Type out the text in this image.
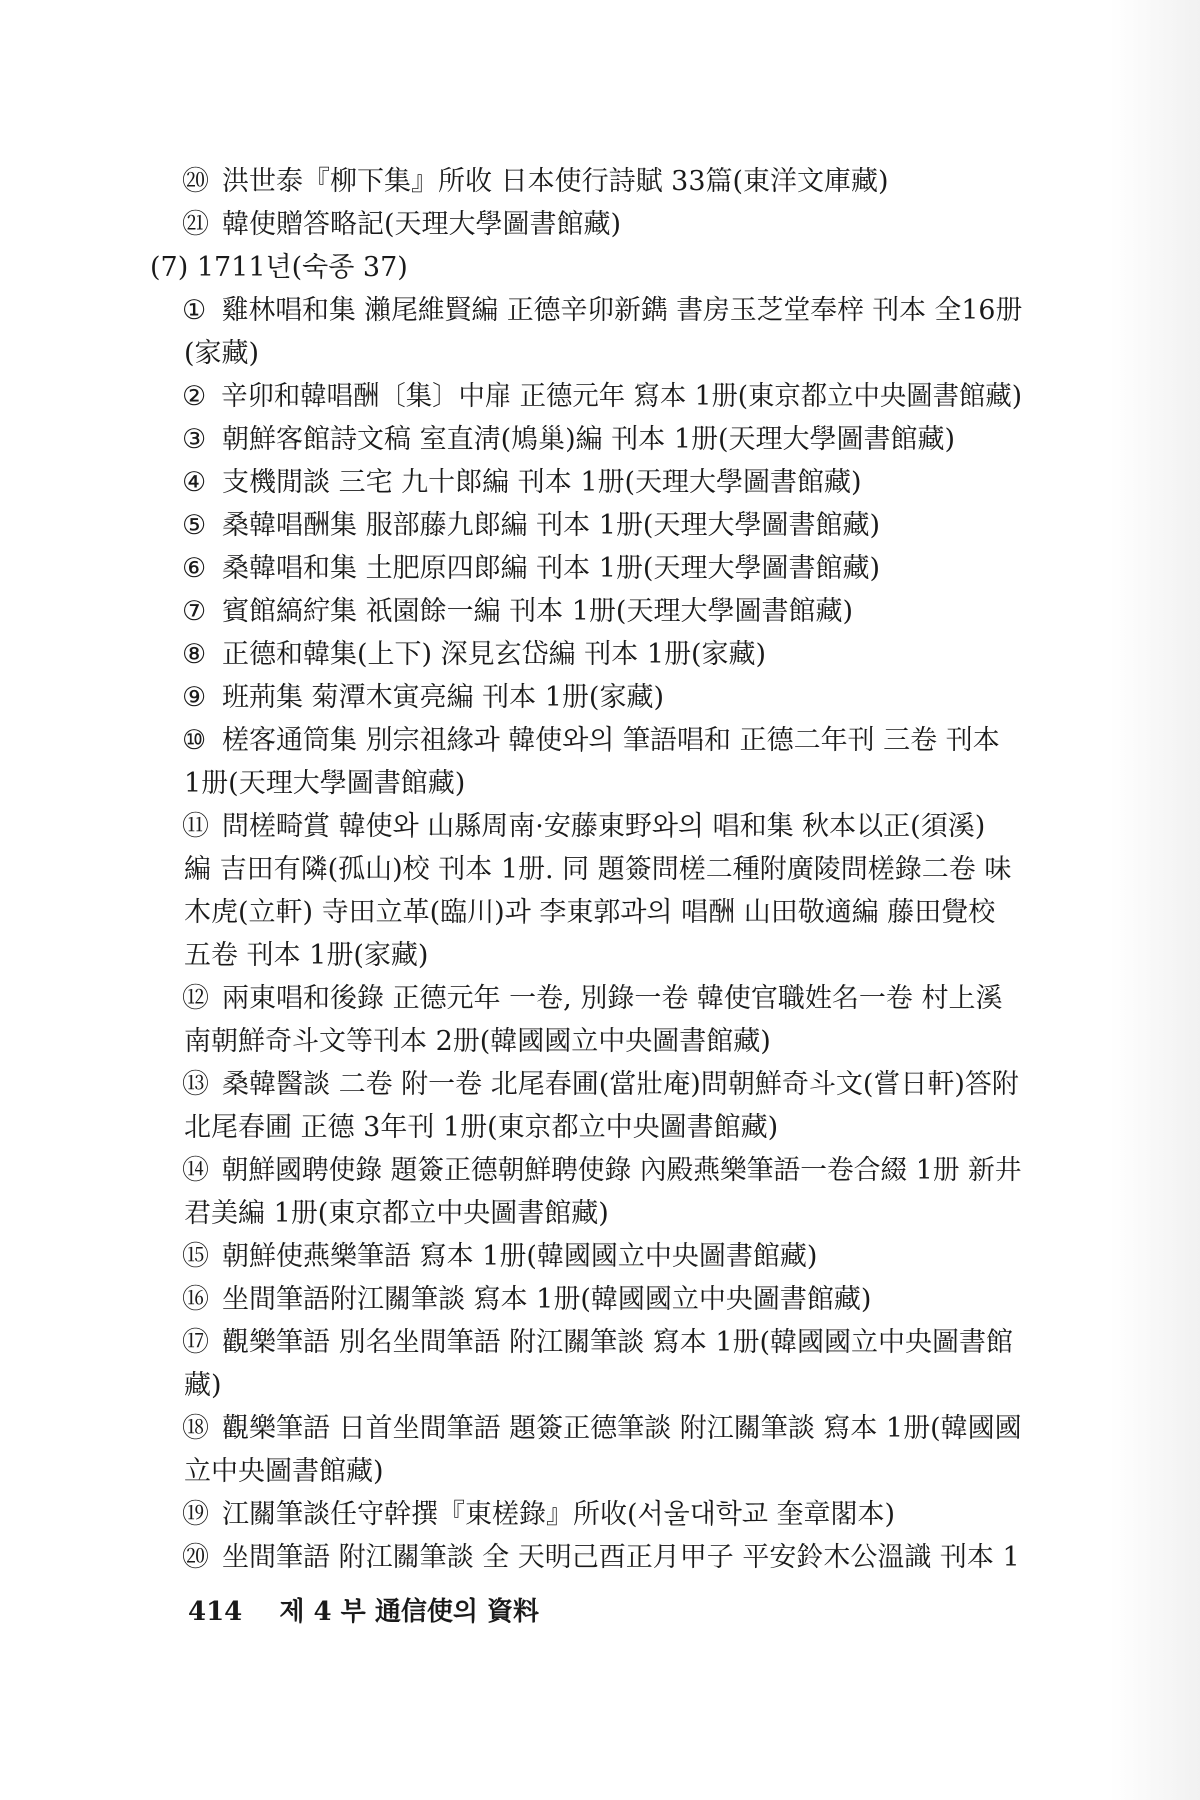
⑳ 洪世泰『柳下集』所收 日本使行詩賦 33篇(東洋文庫藏)
㉑ 韓使贈答略記(天理大學圖書館藏)
(7) 1711년(숙종 37)
① 雞林唱和集 瀨尾維賢編 正德辛卯新鐫 書房玉芝堂奉梓 刊本 全16册
(家藏)
② 辛卯和韓唱酬〔集〕中扉 正德元年 寫本 1册(東京都立中央圖書館藏)
③ 朝鮮客館詩文稿 室直淸(鳩巢)編 刊本 1册(天理大學圖書館藏)
④ 支機閒談 三宅 九十郞編 刊本 1册(天理大學圖書館藏)
⑤ 桑韓唱酬集 服部藤九郞編 刊本 1册(天理大學圖書館藏)
⑥ 桑韓唱和集 土肥原四郞編 刊本 1册(天理大學圖書館藏)
⑦ 賓館縞紵集 祇園餘一編 刊本 1册(天理大學圖書館藏)
⑧ 正德和韓集(上下) 深見玄岱編 刊本 1册(家藏)
⑨ 班荊集 菊潭木寅亮編 刊本 1册(家藏)
⑩ 槎客通筒集 別宗祖緣과 韓使와의 筆語唱和 正德二年刊 三卷 刊本
1册(天理大學圖書館藏)
⑪ 問槎畸賞 韓使와 山縣周南·安藤東野와의 唱和集 秋本以正(須溪)
編 吉田有隣(孤山)校 刊本 1册. 同 題簽問槎二種附廣陵問槎錄二卷 味
木虎(立軒) 寺田立革(臨川)과 李東郭과의 唱酬 山田敬適編 藤田覺校
五卷 刊本 1册(家藏)
⑫ 兩東唱和後錄 正德元年 一卷, 別錄一卷 韓使官職姓名一卷 村上溪
南朝鮮奇斗文等刊本 2册(韓國國立中央圖書館藏)
⑬ 桑韓醫談 二卷 附一卷 北尾春圃(當壯庵)問朝鮮奇斗文(嘗日軒)答附
北尾春圃 正德 3年刊 1册(東京都立中央圖書館藏)
⑭ 朝鮮國聘使錄 題簽正德朝鮮聘使錄 內殿燕樂筆語一卷合綴 1册 新井
君美編 1册(東京都立中央圖書館藏)
⑮ 朝鮮使燕樂筆語 寫本 1册(韓國國立中央圖書館藏)
⑯ 坐間筆語附江關筆談 寫本 1册(韓國國立中央圖書館藏)
⑰ 觀樂筆語 別名坐間筆語 附江關筆談 寫本 1册(韓國國立中央圖書館
藏)
⑱ 觀樂筆語 日首坐間筆語 題簽正德筆談 附江關筆談 寫本 1册(韓國國
立中央圖書館藏)
⑲ 江關筆談任守幹撰『東槎錄』所收(서울대학교 奎章閣本)
⑳ 坐間筆語 附江關筆談 全 天明己酉正月甲子 平安鈴木公溫識 刊本 1
414 제 4 부 通信使의 資料
